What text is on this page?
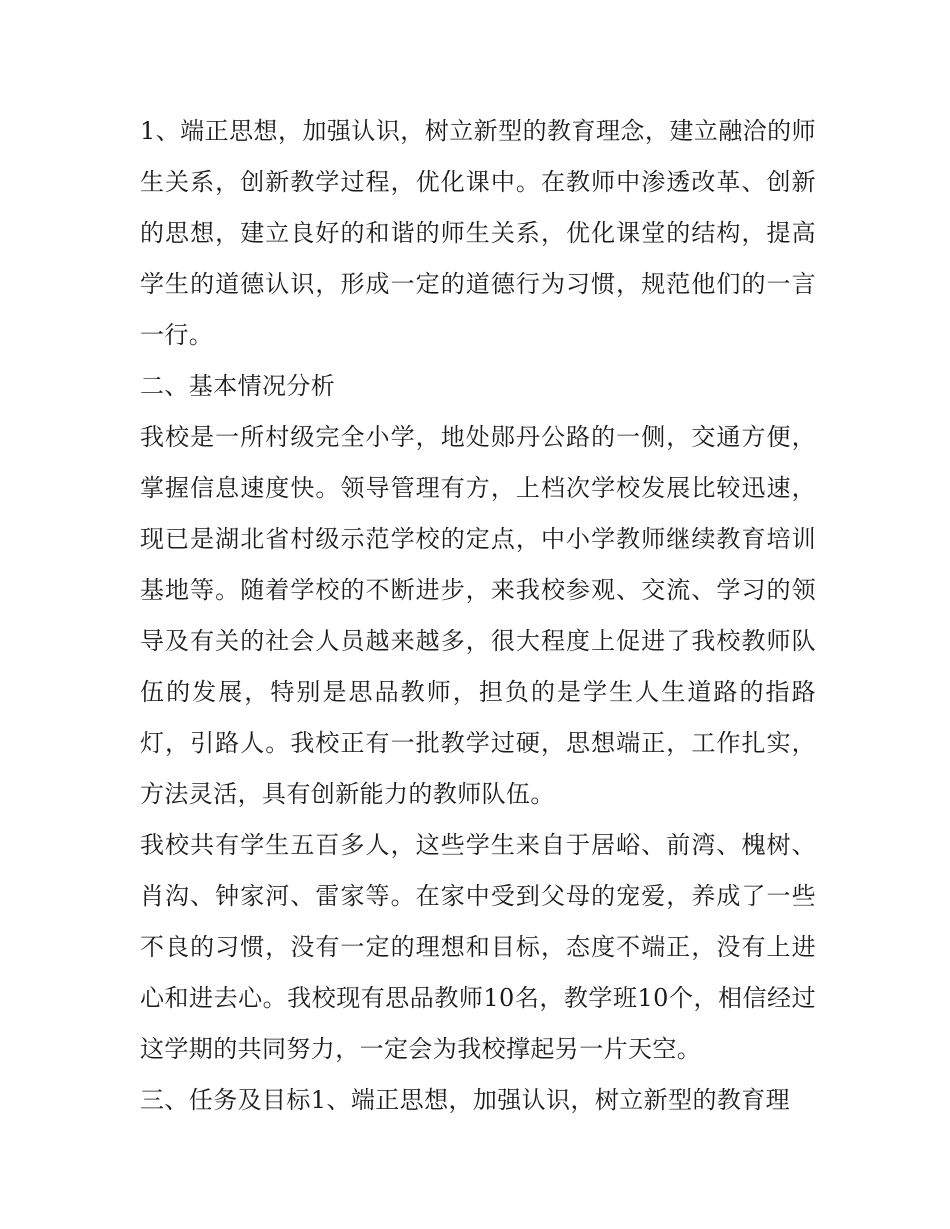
1、端正思想，加强认识，树立新型的教育理念，建立融洽的师生关系，创新教学过程，优化课中。在教师中渗透改革、创新的思想，建立良好的和谐的师生关系，优化课堂的结构，提高学生的道德认识，形成一定的道德行为习惯，规范他们的一言一行。

二、基本情况分析

我校是一所村级完全小学，地处郧丹公路的一侧，交通方便，掌握信息速度快。领导管理有方，上档次学校发展比较迅速，现已是湖北省村级示范学校的定点，中小学教师继续教育培训基地等。随着学校的不断进步，来我校参观、交流、学习的领导及有关的社会人员越来越多，很大程度上促进了我校教师队伍的发展，特别是思品教师，担负的是学生人生道路的指路灯，引路人。我校正有一批教学过硬，思想端正，工作扎实，方法灵活，具有创新能力的教师队伍。

我校共有学生五百多人，这些学生来自于居峪、前湾、槐树、肖沟、钟家河、雷家等。在家中受到父母的宠爱，养成了一些不良的习惯，没有一定的理想和目标，态度不端正，没有上进心和进去心。我校现有思品教师10名，教学班10个，相信经过这学期的共同努力，一定会为我校撑起另一片天空。

三、任务及目标1、端正思想，加强认识，树立新型的教育理
